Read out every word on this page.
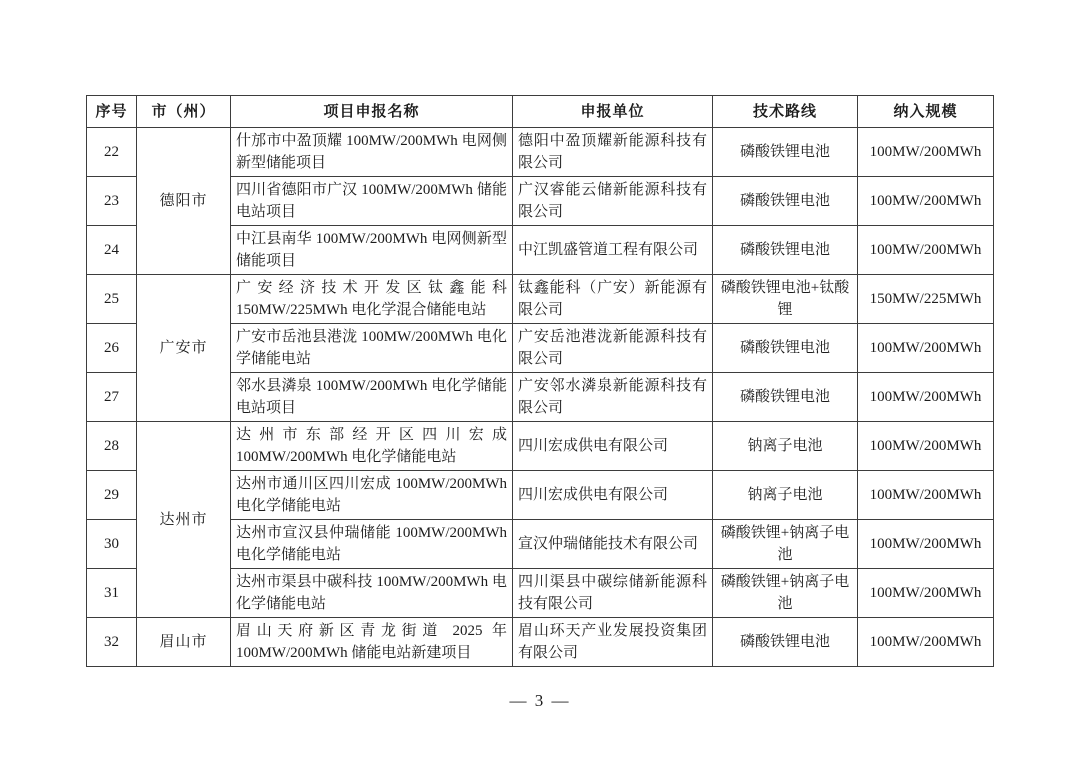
序号	市（州）	项目申报名称	申报单位	技术路线	纳入规模
22	德阳市	什邡市中盈顶耀 100MW/200MWh 电网侧新型储能项目	德阳中盈顶耀新能源科技有限公司	磷酸铁锂电池	100MW/200MWh
23		四川省德阳市广汉 100MW/200MWh 储能电站项目	广汉睿能云储新能源科技有限公司	磷酸铁锂电池	100MW/200MWh
24		中江县南华 100MW/200MWh 电网侧新型储能项目	中江凯盛管道工程有限公司	磷酸铁锂电池	100MW/200MWh
25	广安市	广安经济技术开发区钛鑫能科 150MW/225MWh 电化学混合储能电站	钛鑫能科（广安）新能源有限公司	磷酸铁锂电池+钛酸锂	150MW/225MWh
26		广安市岳池县港泷 100MW/200MWh 电化学储能电站	广安岳池港泷新能源科技有限公司	磷酸铁锂电池	100MW/200MWh
27		邻水县潾泉 100MW/200MWh 电化学储能电站项目	广安邻水潾泉新能源科技有限公司	磷酸铁锂电池	100MW/200MWh
28	达州市	达州市东部经开区四川宏成 100MW/200MWh 电化学储能电站	四川宏成供电有限公司	钠离子电池	100MW/200MWh
29		达州市通川区四川宏成 100MW/200MWh 电化学储能电站	四川宏成供电有限公司	钠离子电池	100MW/200MWh
30		达州市宣汉县仲瑞储能 100MW/200MWh 电化学储能电站	宣汉仲瑞储能技术有限公司	磷酸铁锂+钠离子电池	100MW/200MWh
31		达州市渠县中碳科技 100MW/200MWh 电化学储能电站	四川渠县中碳综储新能源科技有限公司	磷酸铁锂+钠离子电池	100MW/200MWh
32	眉山市	眉山天府新区青龙街道 2025 年 100MW/200MWh 储能电站新建项目	眉山环天产业发展投资集团有限公司	磷酸铁锂电池	100MW/200MWh
— 3 —
